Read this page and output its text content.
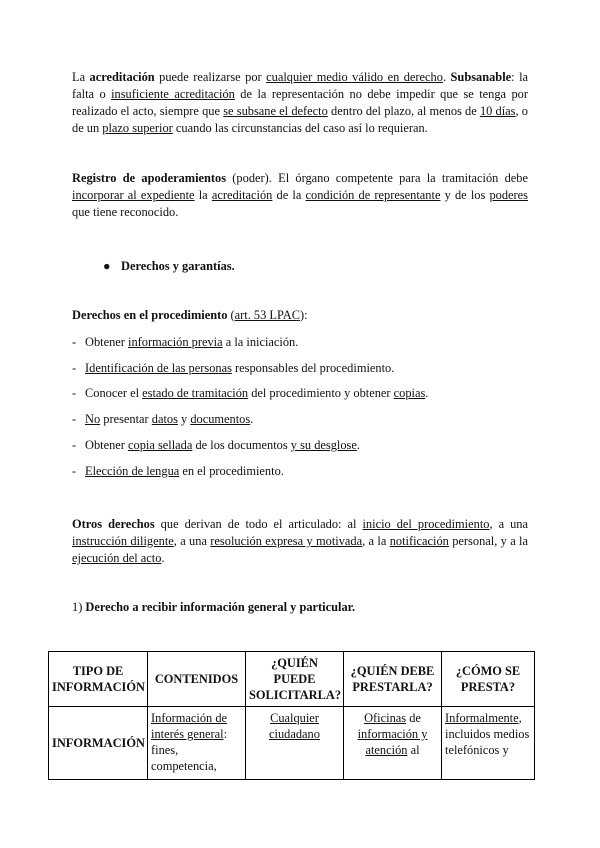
La acreditación puede realizarse por cualquier medio válido en derecho. Subsanable: la falta o insuficiente acreditación de la representación no debe impedir que se tenga por realizado el acto, siempre que se subsane el defecto dentro del plazo, al menos de 10 días, o de un plazo superior cuando las circunstancias del caso así lo requieran.

Registro de apoderamientos (poder). El órgano competente para la tramitación debe incorporar al expediente la acreditación de la condición de representante y de los poderes que tiene reconocido.

● Derechos y garantías.

Derechos en el procedimiento (art. 53 LPAC):

- Obtener información previa a la iniciación.
- Identificación de las personas responsables del procedimiento.
- Conocer el estado de tramitación del procedimiento y obtener copias.
- No presentar datos y documentos.
- Obtener copia sellada de los documentos y su desglose.
- Elección de lengua en el procedimiento.

Otros derechos que derivan de todo el articulado: al inicio del procedimiento, a una instrucción diligente, a una resolución expresa y motivada, a la notificación personal, y a la ejecución del acto.

1) Derecho a recibir información general y particular.

TIPO DE INFORMACIÓN	CONTENIDOS	¿QUIÉN PUEDE SOLICITARLA?	¿QUIÉN DEBE PRESTARLA?	¿CÓMO SE PRESTA?
INFORMACIÓN	Información de interés general: fines, competencia,	Cualquier ciudadano	Oficinas de información y atención al	Informalmente, incluidos medios telefónicos y
